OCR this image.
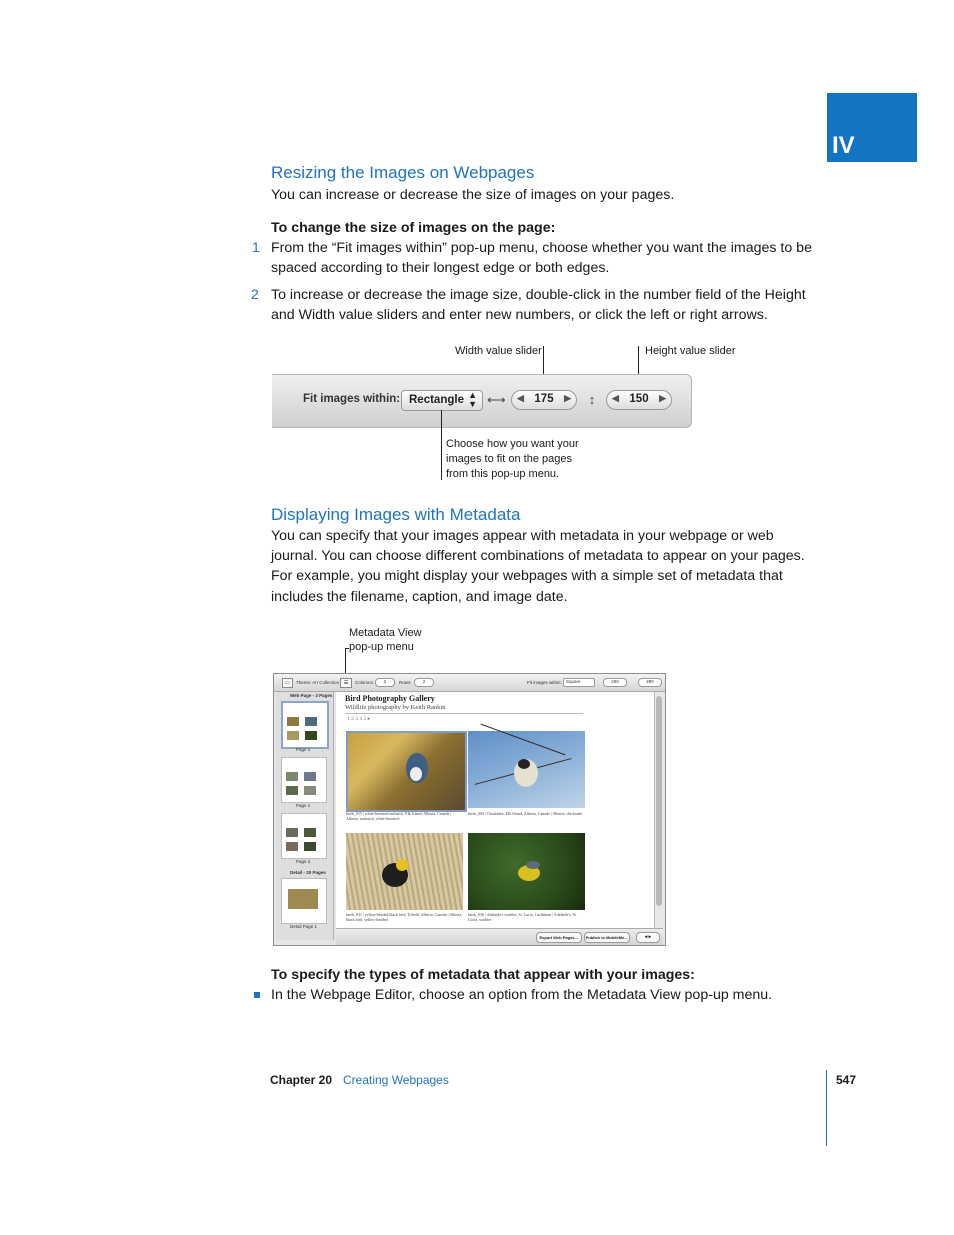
IV
Resizing the Images on Webpages
You can increase or decrease the size of images on your pages.
To change the size of images on the page:
1 From the “Fit images within” pop-up menu, choose whether you want the images to be
spaced according to their longest edge or both edges.
2 To increase or decrease the image size, double-click in the number field of the Height
and Width value sliders and enter new numbers, or click the left or right arrows.
Width value slider	Height value slider
Fit images within: Rectangle ▲
▼ ⟷ ◀ 175	▶	↕	◀ 150	▶
Choose how you want your
images to fit on the pages
from this pop-up menu.
Displaying Images with Metadata
You can specify that your images appear with metadata in your webpage or web
journal. You can choose different combinations of metadata to appear on your pages.
For example, you might display your webpages with a simple set of metadata that
includes the filename, caption, and image date.
Metadata View
pop-up menu
▭	☰
Theme: Art Collection	Columns:	2	Rows:	2	Fit images within: Square	290	290
Web Page - 3 Pages
Page 1
Page 2
Page 3
Detail - 20 Pages
Detail Page 1
Bird Photography Gallery
Wildlife photography by Keith Rankin
1 2 3 4 5 ▸
birds_015 | white-breasted nuthatch, Elk Island, Alberta, Canada | Alberta, nuthatch, white-breasted
birds_004 | Chickadee, Elk Island, Alberta, Canada | Alberta, chickadee
birds_031 | yellow-headed black bird, Tofield, Alberta, Canada | Alberta, black bird, yellow-headed
birds_036 | Adelaide's warbler, St. Lucia, Caribbean | Adelaide's, St. Lucia, warbler
Export Web Pages…	Publish to MobileMe…	◂ ▸
To specify the types of metadata that appear with your images:
In the Webpage Editor, choose an option from the Metadata View pop-up menu.
Chapter 20 Creating Webpages	547
